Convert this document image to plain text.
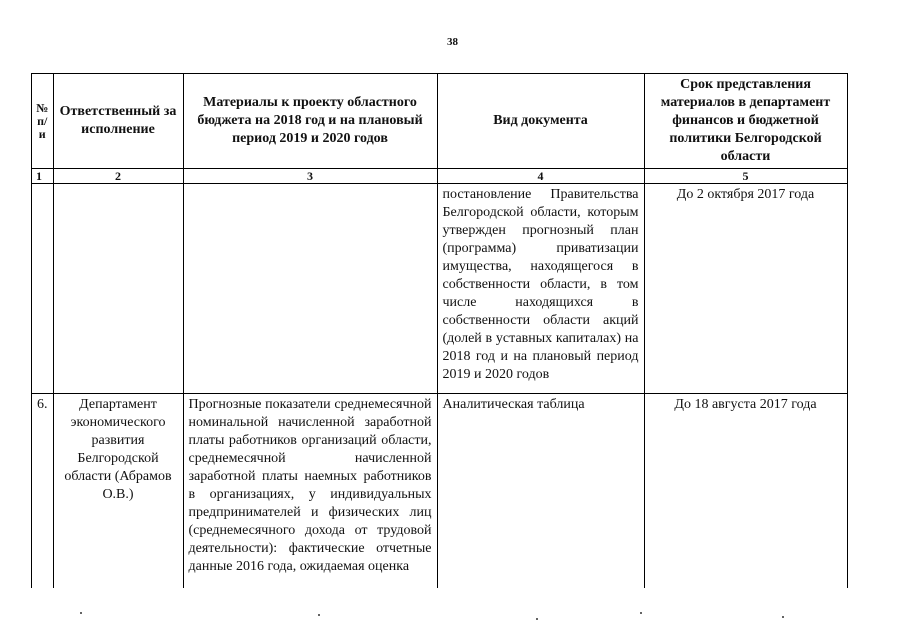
38
№ п/и	Ответственный за исполнение	Материалы к проекту областного бюджета на 2018 год и на плановый период 2019 и 2020 годов	Вид документа	Срок представления материалов в департамент финансов и бюджетной политики Белгородской области
1	2	3	4	5
			постановление Правительства Белгородской области, которым утвержден прогнозный план (программа) приватизации имущества, находящегося в собственности области, в том числе находящихся в собственности области акций (долей в уставных капиталах) на 2018 год и на плановый период 2019 и 2020 годов	До 2 октября 2017 года
6.	Департамент экономического развития Белгородской области (Абрамов О.В.)	Прогнозные показатели среднемесячной номинальной начисленной заработной платы работников организаций области, среднемесячной начисленной заработной платы наемных работников в организациях, у индивидуальных предпринимателей и физических лиц (среднемесячного дохода от трудовой деятельности): фактические отчетные данные 2016 года, ожидаемая оценка	Аналитическая таблица	До 18 августа 2017 года
